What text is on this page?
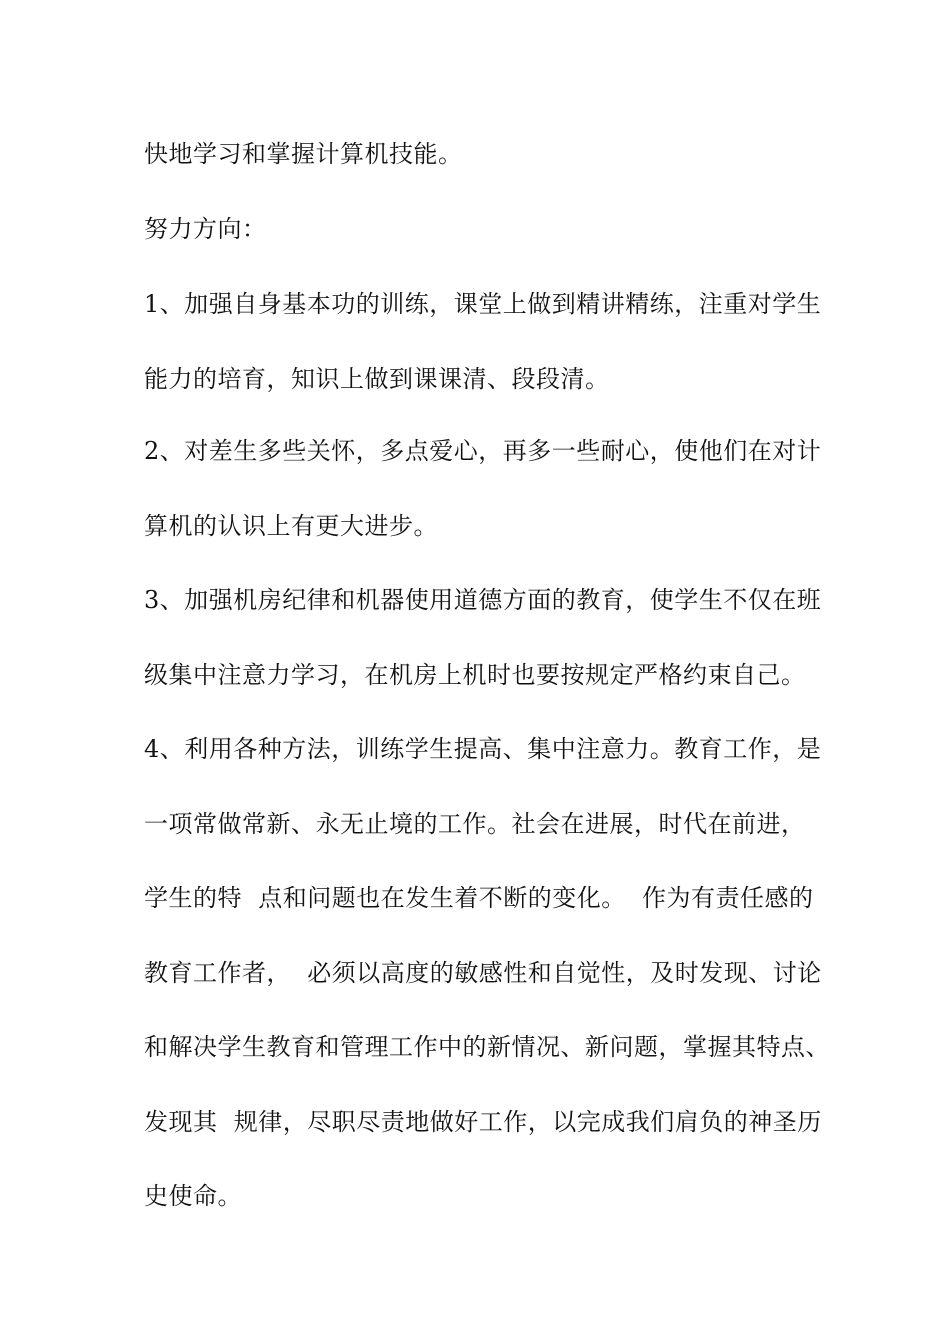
快地学习和掌握计算机技能。
努力方向：
1、加强自身基本功的训练，课堂上做到精讲精练，注重对学生
能力的培育，知识上做到课课清、段段清。
2、对差生多些关怀，多点爱心，再多一些耐心，使他们在对计
算机的认识上有更大进步。
3、加强机房纪律和机器使用道德方面的教育，使学生不仅在班
级集中注意力学习，在机房上机时也要按规定严格约束自己。
4、利用各种方法，训练学生提高、集中注意力。教育工作，是
一项常做常新、永无止境的工作。社会在进展，时代在前进，
学生的特  点和问题也在发生着不断的变化。  作为有责任感的
教育工作者，  必须以高度的敏感性和自觉性，及时发现、讨论
和解决学生教育和管理工作中的新情况、新问题，掌握其特点、
发现其  规律，尽职尽责地做好工作，以完成我们肩负的神圣历
史使命。
